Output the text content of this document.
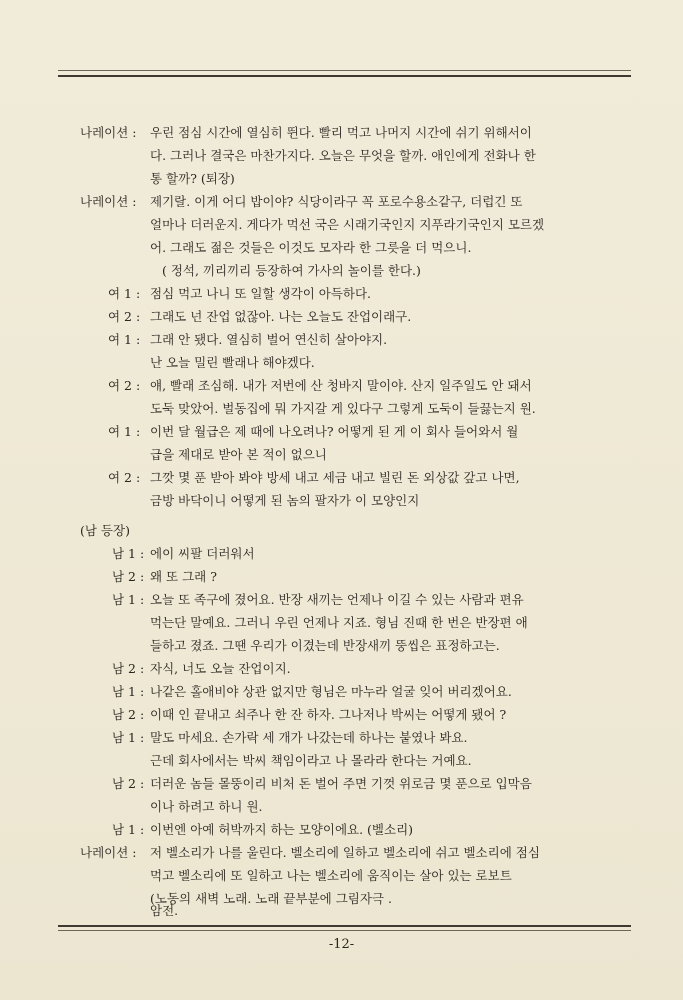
나레이션 : 우린 점심 시간에 열심히 뛴다. 빨리 먹고 나머지 시간에 쉬기 위해서이
다. 그러나 결국은 마찬가지다. 오늘은 무엇을 할까. 애인에게 전화나 한
통 할까? (퇴장)
나레이션 : 제기랄. 이게 어디 밥이야? 식당이라구 꼭 포로수용소같구, 더럽긴 또
얼마나 더러운지. 게다가 먹선 국은 시래기국인지 지푸라기국인지 모르겠
어. 그래도 젊은 것들은 이것도 모자라 한 그릇을 더 먹으니.
( 정석, 끼리끼리 등장하여 가사의 놀이를 한다.)
여 1 : 점심 먹고 나니 또 일할 생각이 아득하다.
여 2 : 그래도 넌 잔업 없잖아. 나는 오늘도 잔업이래구.
여 1 : 그래 안 됐다. 열심히 벌어 연신히 살아야지.
난 오늘 밀린 빨래나 해야겠다.
여 2 : 얘, 빨래 조심해. 내가 저번에 산 청바지 말이야. 산지 일주일도 안 돼서
도둑 맞았어. 벌동집에 뭐 가지갈 게 있다구 그렇게 도둑이 들끓는지 원.
여 1 : 이번 달 월급은 제 때에 나오려나? 어떻게 된 게 이 회사 들어와서 월
급을 제대로 받아 본 적이 없으니
여 2 : 그깟 몇 푼 받아 봐야 방세 내고 세금 내고 빌린 돈 외상값 갚고 나면,
금방 바닥이니 어떻게 된 놈의 팔자가 이 모양인지
(남 등장)
남 1 : 에이 씨팔 더러워서
남 2 : 왜 또 그래 ?
남 1 : 오늘 또 족구에 졌어요. 반장 새끼는 언제나 이길 수 있는 사람과 편유
먹는단 말예요. 그러니 우린 언제나 지죠. 형님 진때 한 번은 반장편 애
들하고 졌죠. 그땐 우리가 이겼는데 반장새끼 뚱씹은 표정하고는.
남 2 : 자식, 너도 오늘 잔업이지.
남 1 : 나같은 홀애비야 상관 없지만 형님은 마누라 얼굴 잊어 버리겠어요.
남 2 : 이때 인 끝내고 쇠주나 한 잔 하자. 그나저나 박씨는 어떻게 됐어 ?
남 1 : 말도 마세요. 손가락 세 개가 나갔는데 하나는 붙였나 봐요.
근데 회사에서는 박씨 책임이라고 나 몰라라 한다는 거예요.
남 2 : 더러운 놈들 몰뚱이리 비처 돈 벌어 주면 기껏 위로금 몇 푼으로 입막음
이나 하려고 하니 원.
남 1 : 이번엔 아예 허박까지 하는 모양이에요. (벨소리)
나레이션 : 저 벨소리가 나를 울린다. 벨소리에 일하고 벨소리에 쉬고 벨소리에 점심
먹고 벨소리에 또 일하고 나는 벨소리에 움직이는 살아 있는 로보트
(노동의 새벽 노래. 노래 끝부분에 그림자극 .
암전.
-12-
